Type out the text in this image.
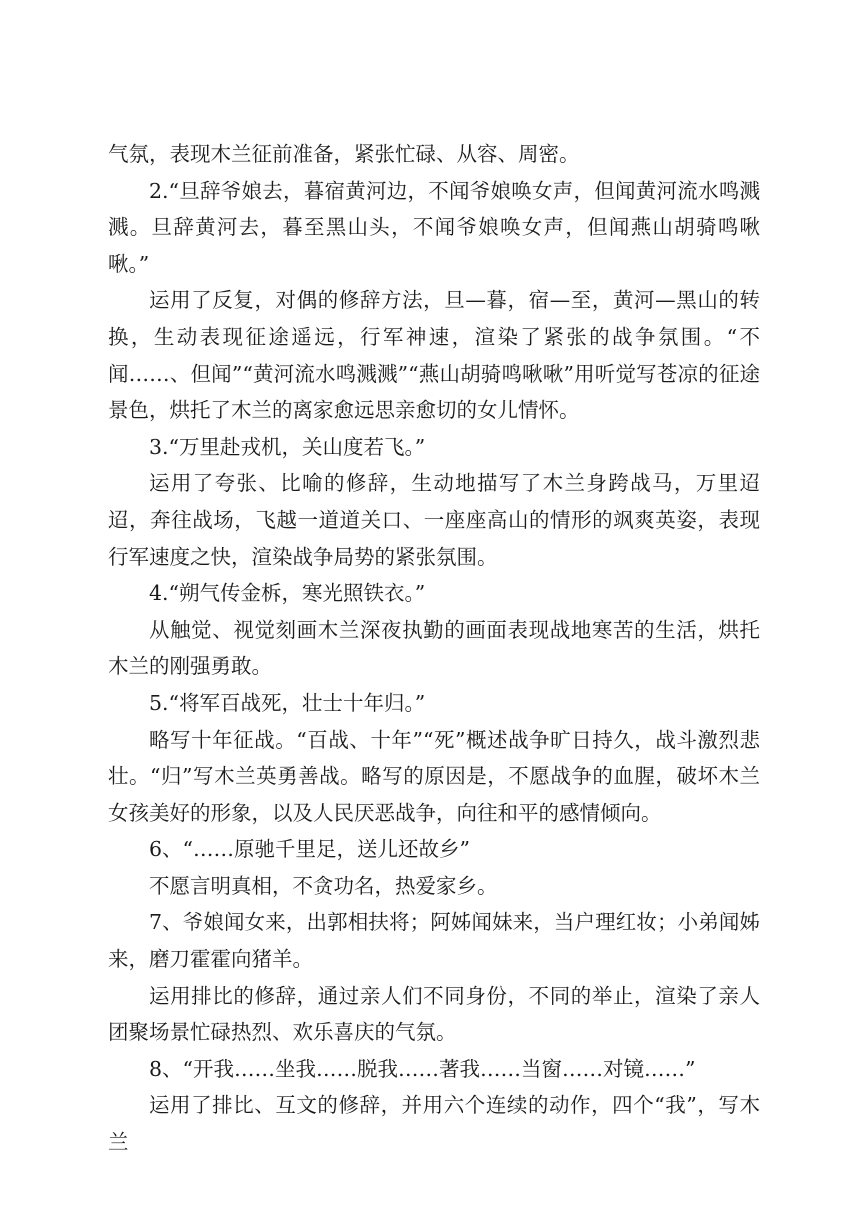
气氛，表现木兰征前准备，紧张忙碌、从容、周密。

2.“旦辞爷娘去，暮宿黄河边，不闻爷娘唤女声，但闻黄河流水鸣溅溅。旦辞黄河去，暮至黑山头，不闻爷娘唤女声，但闻燕山胡骑鸣啾啾。”

运用了反复，对偶的修辞方法，旦—暮，宿—至，黄河—黑山的转换，生动表现征途遥远，行军神速，渲染了紧张的战争氛围。“不闻……、但闻”“黄河流水鸣溅溅”“燕山胡骑鸣啾啾”用听觉写苍凉的征途景色，烘托了木兰的离家愈远思亲愈切的女儿情怀。

3.“万里赴戎机，关山度若飞。”

运用了夸张、比喻的修辞，生动地描写了木兰身跨战马，万里迢迢，奔往战场，飞越一道道关口、一座座高山的情形的飒爽英姿，表现行军速度之快，渲染战争局势的紧张氛围。

4.“朔气传金柝，寒光照铁衣。”

从触觉、视觉刻画木兰深夜执勤的画面表现战地寒苦的生活，烘托木兰的刚强勇敢。

5.“将军百战死，壮士十年归。”

略写十年征战。“百战、十年”“死”概述战争旷日持久，战斗激烈悲壮。“归”写木兰英勇善战。略写的原因是，不愿战争的血腥，破坏木兰女孩美好的形象，以及人民厌恶战争，向往和平的感情倾向。

6、“……原驰千里足，送儿还故乡”

不愿言明真相，不贪功名，热爱家乡。

7、爷娘闻女来，出郭相扶将；阿姊闻妹来，当户理红妆；小弟闻姊来，磨刀霍霍向猪羊。

运用排比的修辞，通过亲人们不同身份，不同的举止，渲染了亲人团聚场景忙碌热烈、欢乐喜庆的气氛。

8、“开我……坐我……脱我……著我……当窗……对镜……”

运用了排比、互文的修辞，并用六个连续的动作，四个“我”，写木兰
